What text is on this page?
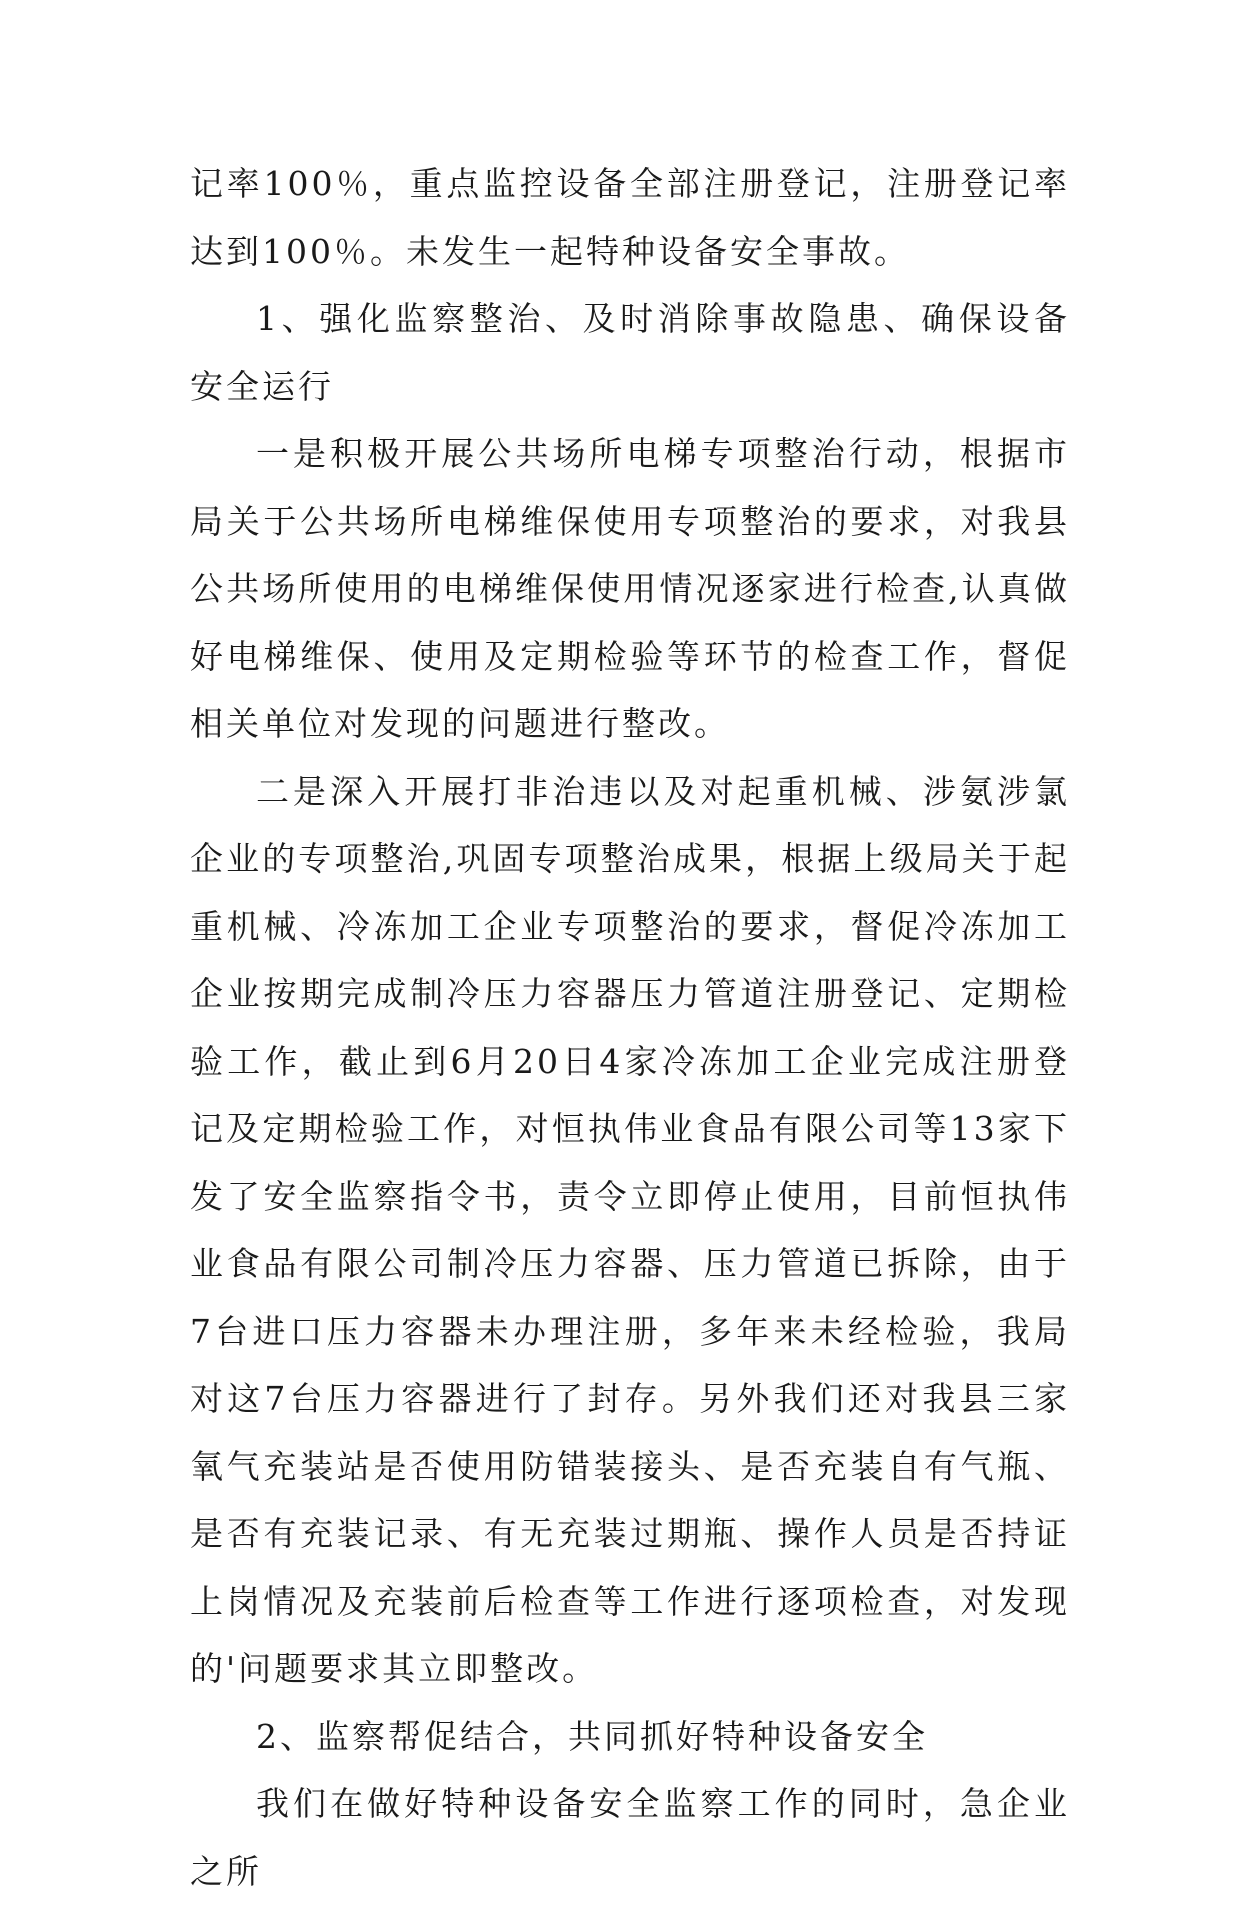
记率100％，重点监控设备全部注册登记，注册登记率达到100％。未发生一起特种设备安全事故。

1、强化监察整治、及时消除事故隐患、确保设备安全运行

一是积极开展公共场所电梯专项整治行动，根据市局关于公共场所电梯维保使用专项整治的要求，对我县公共场所使用的电梯维保使用情况逐家进行检查,认真做好电梯维保、使用及定期检验等环节的检查工作，督促相关单位对发现的问题进行整改。

二是深入开展打非治违以及对起重机械、涉氨涉氯企业的专项整治,巩固专项整治成果，根据上级局关于起重机械、冷冻加工企业专项整治的要求，督促冷冻加工企业按期完成制冷压力容器压力管道注册登记、定期检验工作，截止到6月20日4家冷冻加工企业完成注册登记及定期检验工作，对恒执伟业食品有限公司等13家下发了安全监察指令书，责令立即停止使用，目前恒执伟业食品有限公司制冷压力容器、压力管道已拆除，由于7台进口压力容器未办理注册，多年来未经检验，我局对这7台压力容器进行了封存。另外我们还对我县三家氧气充装站是否使用防错装接头、是否充装自有气瓶、是否有充装记录、有无充装过期瓶、操作人员是否持证上岗情况及充装前后检查等工作进行逐项检查，对发现的'问题要求其立即整改。

2、监察帮促结合，共同抓好特种设备安全

我们在做好特种设备安全监察工作的同时，急企业之所
